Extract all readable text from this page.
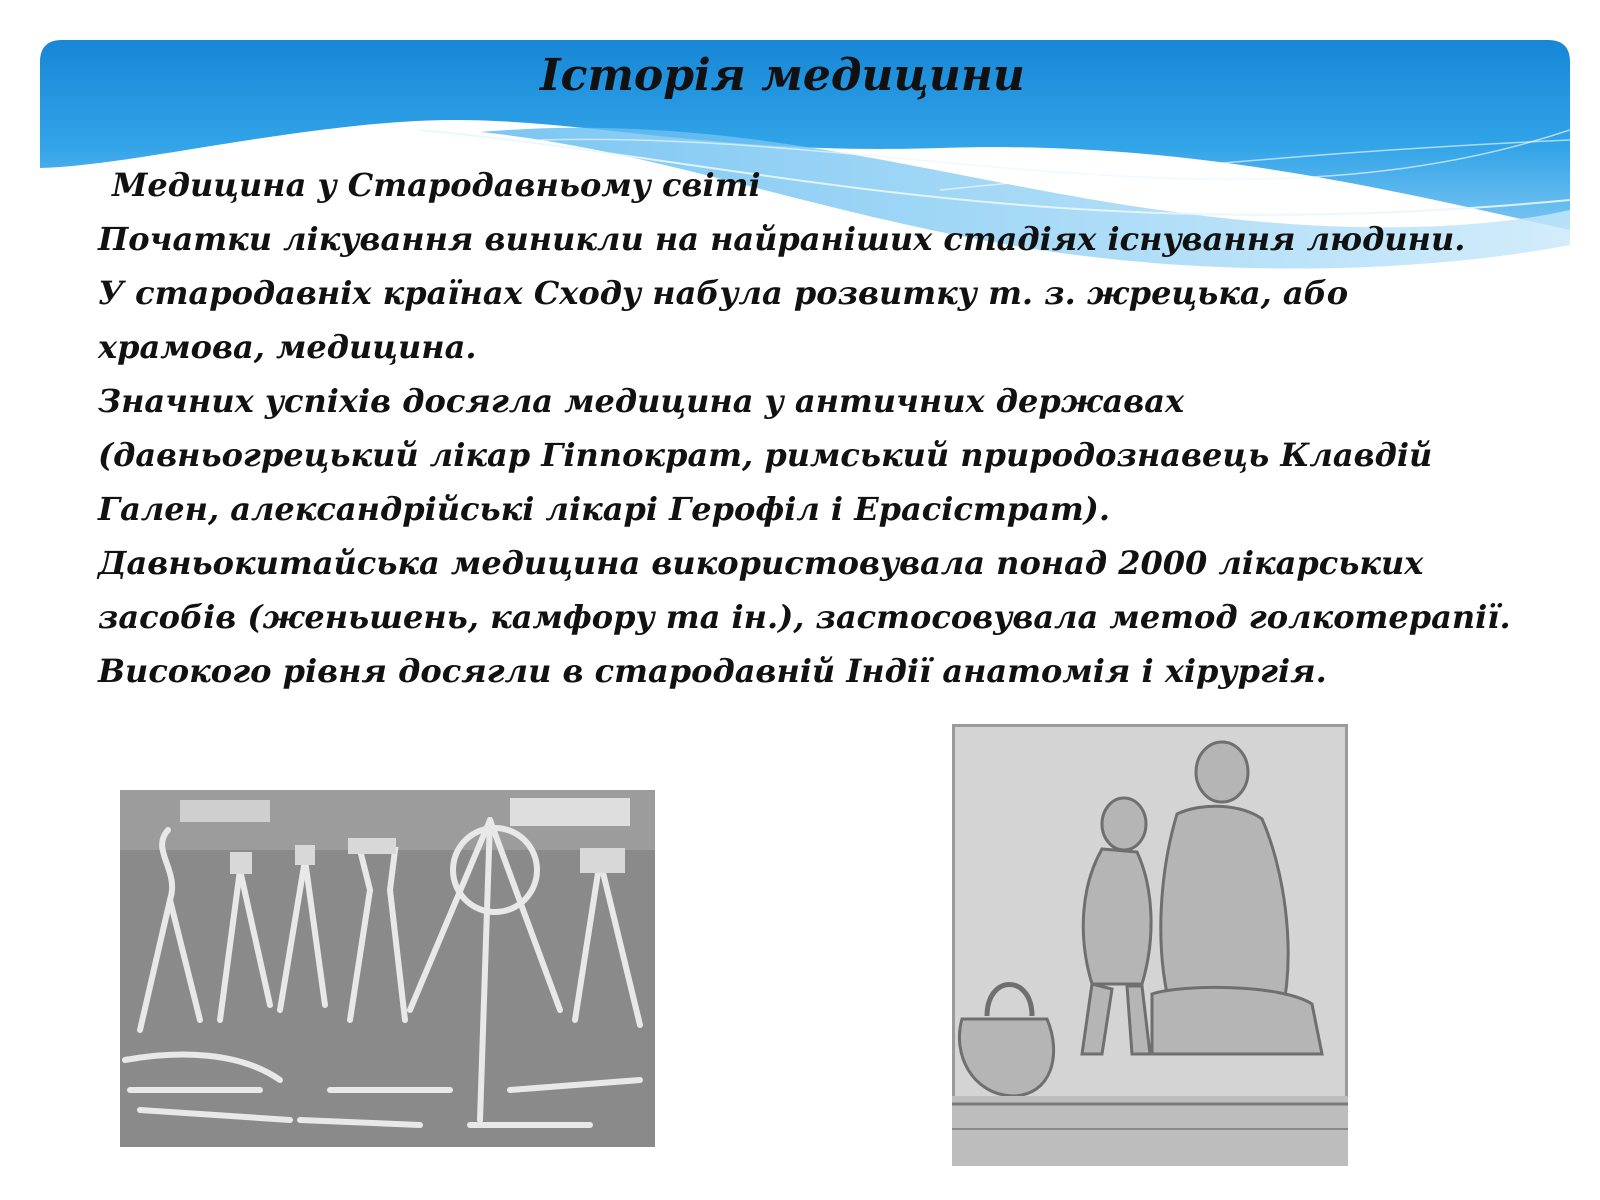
Історія медицини

Медицина у Стародавньому світі

Початки лікування виникли на найраніших стадіях існування людини.

У стародавніх країнах Сходу набула розвитку т. з. жрецька, або

храмова, медицина.

Значних успіхів досягла медицина у античних державах

(давньогрецький лікар Гіппократ, римський природознавець Клавдій

Гален, александрійські лікарі Герофіл і Ерасістрат).

Давньокитайська медицина використовувала понад 2000 лікарських

засобів (женьшень, камфору та ін.), застосовувала метод голкотерапії.

Високого рівня досягли в стародавній Індії анатомія і хірургія.
